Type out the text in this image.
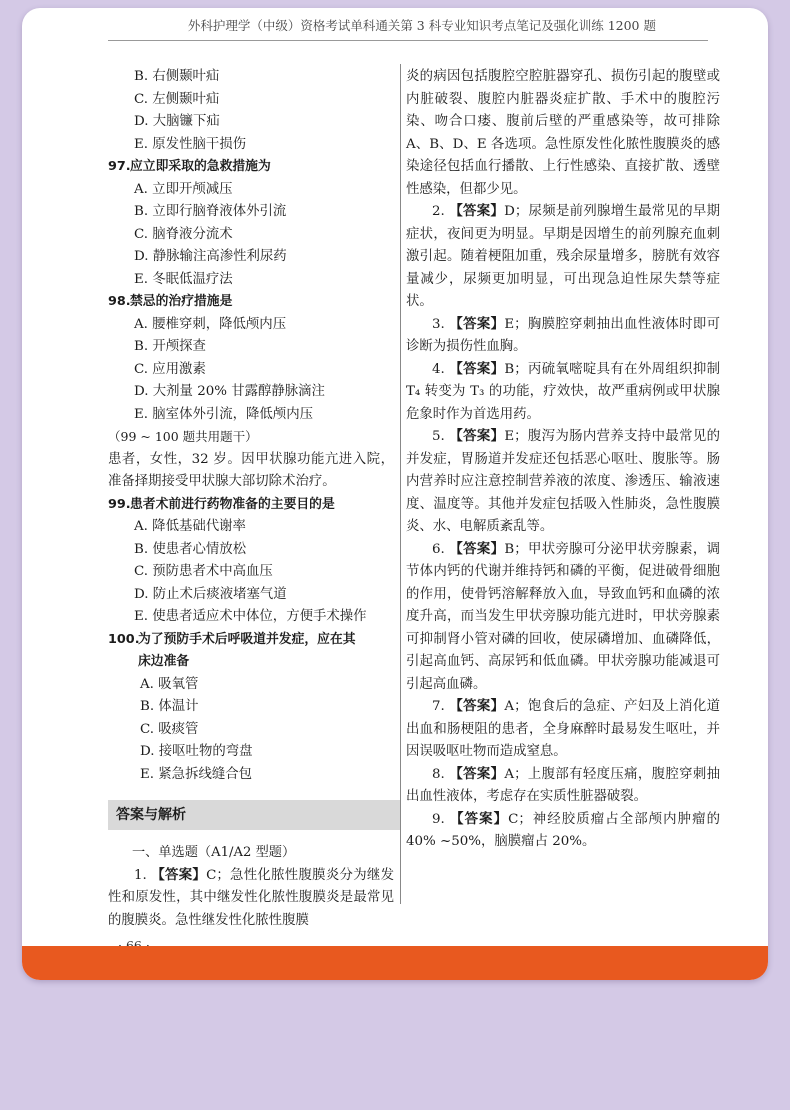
外科护理学（中级）资格考试单科通关第 3 科专业知识考点笔记及强化训练 1200 题
B. 右侧颞叶疝
C. 左侧颞叶疝
D. 大脑镰下疝
E. 原发性脑干损伤
97.应立即采取的急救措施为
A. 立即开颅减压
B. 立即行脑脊液体外引流
C. 脑脊液分流术
D. 静脉输注高渗性利尿药
E. 冬眠低温疗法
98.禁忌的治疗措施是
A. 腰椎穿刺，降低颅内压
B. 开颅探查
C. 应用激素
D. 大剂量 20% 甘露醇静脉滴注
E. 脑室体外引流，降低颅内压
（99 ~ 100 题共用题干）
患者，女性，32 岁。因甲状腺功能亢进入院，准备择期接受甲状腺大部切除术治疗。
99.患者术前进行药物准备的主要目的是
A. 降低基础代谢率
B. 使患者心情放松
C. 预防患者术中高血压
D. 防止术后痰液堵塞气道
E. 使患者适应术中体位，方便手术操作
100.为了预防手术后呼吸道并发症，应在其
床边准备
A. 吸氧管
B. 体温计
C. 吸痰管
D. 接呕吐物的弯盘
E. 紧急拆线缝合包
答案与解析
一、单选题（A1/A2 型题）
1. 【答案】C；急性化脓性腹膜炎分为继发性和原发性，其中继发性化脓性腹膜炎是最常见的腹膜炎。急性继发性化脓性腹膜
炎的病因包括腹腔空腔脏器穿孔、损伤引起的腹壁或内脏破裂、腹腔内脏器炎症扩散、手术中的腹腔污染、吻合口瘘、腹前后壁的严重感染等，故可排除 A、B、D、E 各选项。急性原发性化脓性腹膜炎的感染途径包括血行播散、上行性感染、直接扩散、透壁性感染，但都少见。
2. 【答案】D；尿频是前列腺增生最常见的早期症状，夜间更为明显。早期是因增生的前列腺充血刺激引起。随着梗阻加重，残余尿量增多，膀胱有效容量减少，尿频更加明显，可出现急迫性尿失禁等症状。
3. 【答案】E；胸膜腔穿刺抽出血性液体时即可诊断为损伤性血胸。
4. 【答案】B；丙硫氧嘧啶具有在外周组织抑制 T₄ 转变为 T₃ 的功能，疗效快，故严重病例或甲状腺危象时作为首选用药。
5. 【答案】E；腹泻为肠内营养支持中最常见的并发症，胃肠道并发症还包括恶心呕吐、腹胀等。肠内营养时应注意控制营养液的浓度、渗透压、输液速度、温度等。其他并发症包括吸入性肺炎，急性腹膜炎、水、电解质紊乱等。
6. 【答案】B；甲状旁腺可分泌甲状旁腺素，调节体内钙的代谢并维持钙和磷的平衡，促进破骨细胞的作用，使骨钙溶解释放入血，导致血钙和血磷的浓度升高，而当发生甲状旁腺功能亢进时，甲状旁腺素可抑制肾小管对磷的回收，使尿磷增加、血磷降低，引起高血钙、高尿钙和低血磷。甲状旁腺功能减退可引起高血磷。
7. 【答案】A；饱食后的急症、产妇及上消化道出血和肠梗阻的患者，全身麻醉时最易发生呕吐，并因误吸呕吐物而造成窒息。
8. 【答案】A；上腹部有轻度压痛，腹腔穿刺抽出血性液体，考虑存在实质性脏器破裂。
9. 【答案】C；神经胶质瘤占全部颅内肿瘤的 40% ~50%，脑膜瘤占 20%。
